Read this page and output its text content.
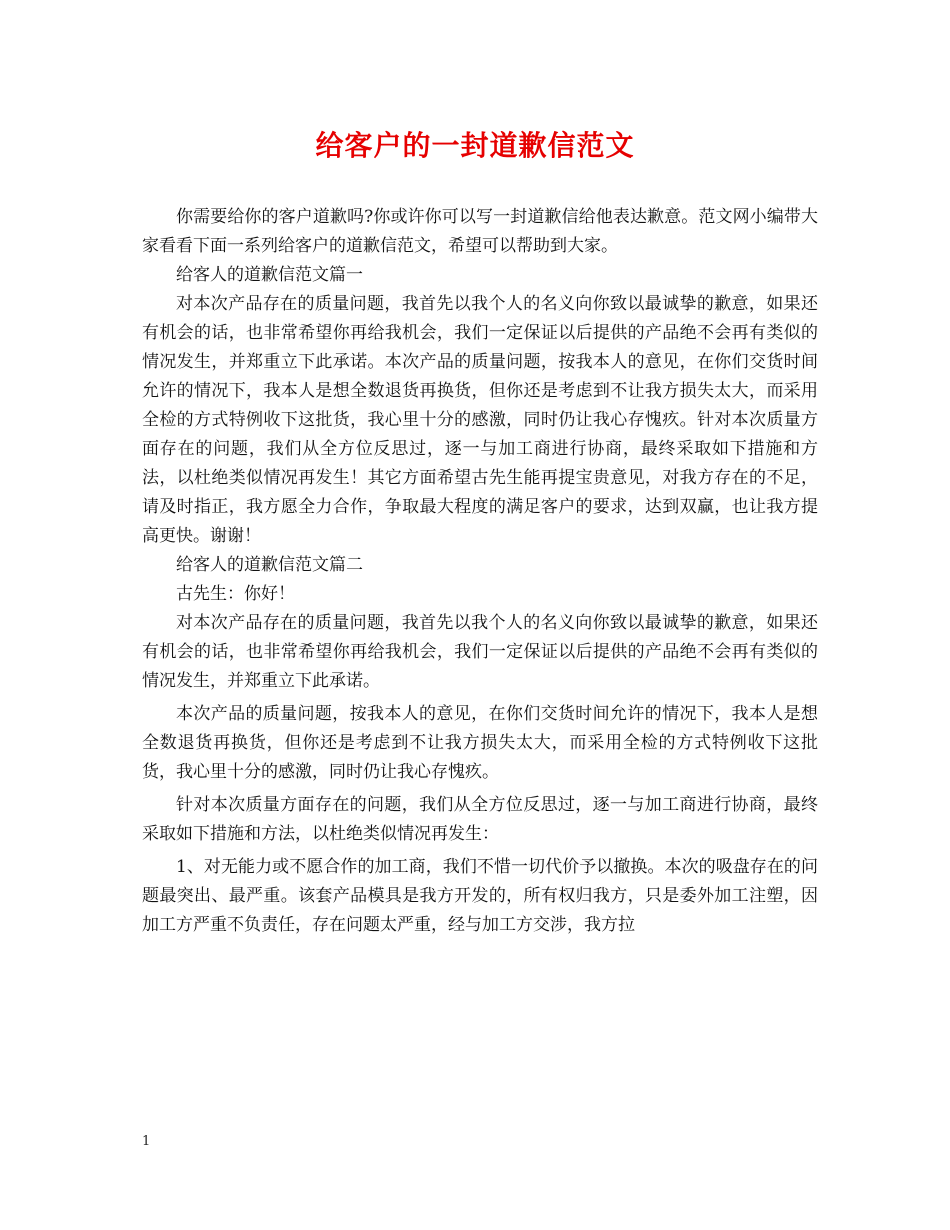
给客户的一封道歉信范文

你需要给你的客户道歉吗?你或许你可以写一封道歉信给他表达歉意。范文网小编带大家看看下面一系列给客户的道歉信范文，希望可以帮助到大家。

给客人的道歉信范文篇一

对本次产品存在的质量问题，我首先以我个人的名义向你致以最诚挚的歉意，如果还有机会的话，也非常希望你再给我机会，我们一定保证以后提供的产品绝不会再有类似的情况发生，并郑重立下此承诺。本次产品的质量问题，按我本人的意见，在你们交货时间允许的情况下，我本人是想全数退货再换货，但你还是考虑到不让我方损失太大，而采用全检的方式特例收下这批货，我心里十分的感激，同时仍让我心存愧疚。针对本次质量方面存在的问题，我们从全方位反思过，逐一与加工商进行协商，最终采取如下措施和方法，以杜绝类似情况再发生！其它方面希望古先生能再提宝贵意见，对我方存在的不足，请及时指正，我方愿全力合作，争取最大程度的满足客户的要求，达到双赢，也让我方提高更快。谢谢！

给客人的道歉信范文篇二

古先生：你好！

对本次产品存在的质量问题，我首先以我个人的名义向你致以最诚挚的歉意，如果还有机会的话，也非常希望你再给我机会，我们一定保证以后提供的产品绝不会再有类似的情况发生，并郑重立下此承诺。

本次产品的质量问题，按我本人的意见，在你们交货时间允许的情况下，我本人是想全数退货再换货，但你还是考虑到不让我方损失太大，而采用全检的方式特例收下这批货，我心里十分的感激，同时仍让我心存愧疚。

针对本次质量方面存在的问题，我们从全方位反思过，逐一与加工商进行协商，最终采取如下措施和方法，以杜绝类似情况再发生：

1、对无能力或不愿合作的加工商，我们不惜一切代价予以撤换。本次的吸盘存在的问题最突出、最严重。该套产品模具是我方开发的，所有权归我方，只是委外加工注塑，因加工方严重不负责任，存在问题太严重，经与加工方交涉，我方拉

1
